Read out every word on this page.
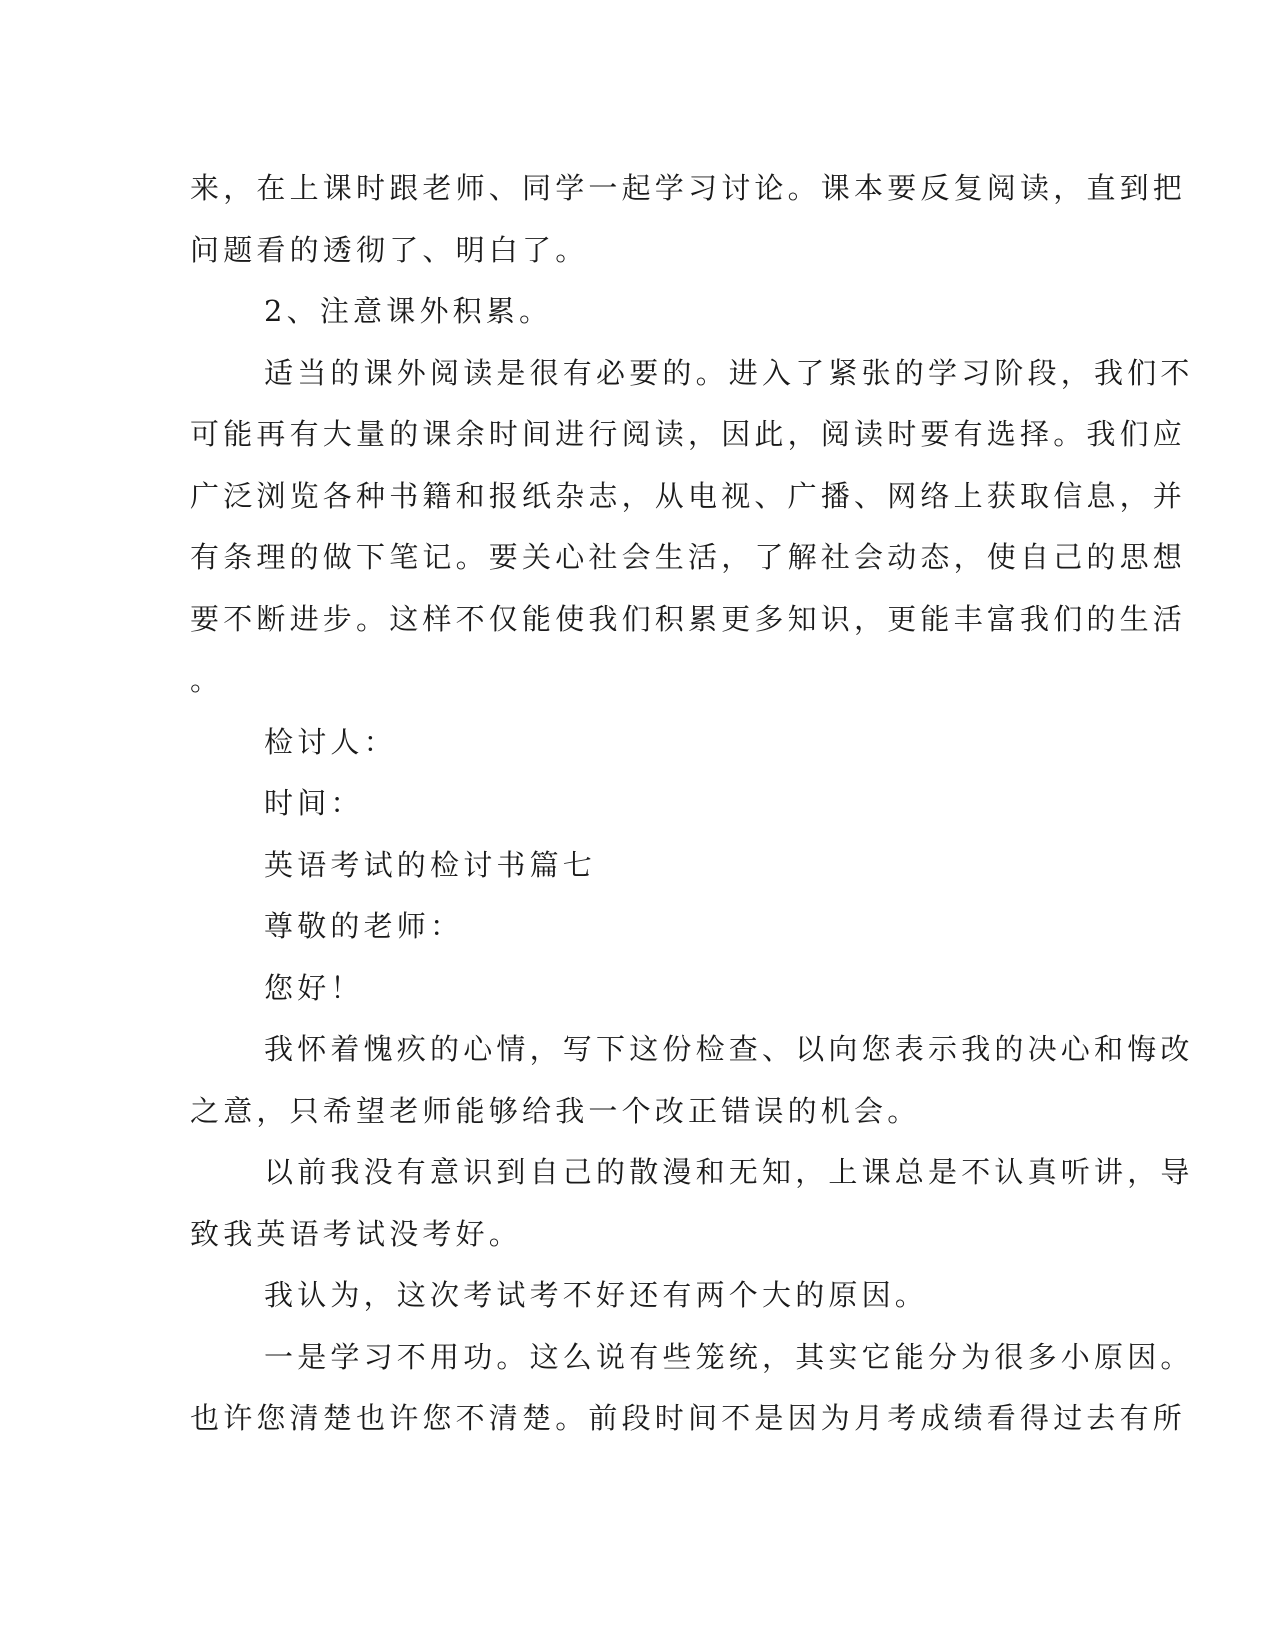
来，在上课时跟老师、同学一起学习讨论。课本要反复阅读，直到把
问题看的透彻了、明白了。
2、注意课外积累。
适当的课外阅读是很有必要的。进入了紧张的学习阶段，我们不
可能再有大量的课余时间进行阅读，因此，阅读时要有选择。我们应
广泛浏览各种书籍和报纸杂志，从电视、广播、网络上获取信息，并
有条理的做下笔记。要关心社会生活，了解社会动态，使自己的思想
要不断进步。这样不仅能使我们积累更多知识，更能丰富我们的生活
。
检讨人：
时间：
英语考试的检讨书篇七
尊敬的老师：
您好！
我怀着愧疚的心情，写下这份检查、以向您表示我的决心和悔改
之意，只希望老师能够给我一个改正错误的机会。
以前我没有意识到自己的散漫和无知，上课总是不认真听讲，导
致我英语考试没考好。
我认为，这次考试考不好还有两个大的原因。
一是学习不用功。这么说有些笼统，其实它能分为很多小原因。
也许您清楚也许您不清楚。前段时间不是因为月考成绩看得过去有所
